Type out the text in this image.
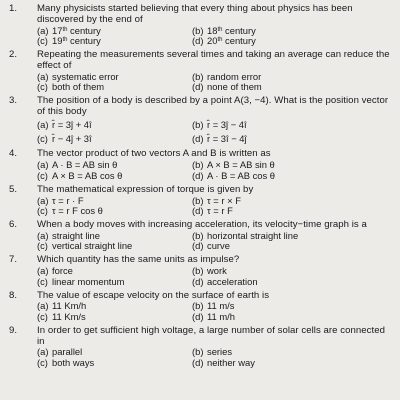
1.	Many physicists started believing that every thing about physics has been discovered by the end of
(a) 17th century	(b) 18th century
(c) 19th century	(d) 20th century
2.	Repeating the measurements several times and taking an average can reduce the effect of
(a) systematic error	(b) random error
(c) both of them	(d) none of them
3.	The position of a body is described by a point A(3, −4). What is the position vector of this body
(a) r̂ = 3ĵ + 4î	(b) r̂ = 3ĵ − 4î
(c) r̂ − 4ĵ + 3î	(d) r̂ = 3î − 4ĵ
4.	The vector product of two vectors A and B is written as
(a) A · B = AB sin θ	(b) A × B = AB sin θ
(c) A × B = AB cos θ	(d) A · B = AB cos θ
5.	The mathematical expression of torque is given by
(a) τ = r · F	(b) τ = r × F
(c) τ = r F cos θ	(d) τ = r F
6.	When a body moves with increasing acceleration, its velocity−time graph is a
(a) straight line	(b) horizontal straight line
(c) vertical straight line	(d) curve
7.	Which quantity has the same units as impulse?
(a) force	(b) work
(c) linear momentum	(d) acceleration
8.	The value of escape velocity on the surface of earth is
(a) 11 Km/h	(b) 11 m/s
(c) 11 Km/s	(d) 11 m/h
9.	In order to get sufficient high voltage, a large number of solar cells are connected in
(a) parallel	(b) series
(c) both ways	(d) neither way
